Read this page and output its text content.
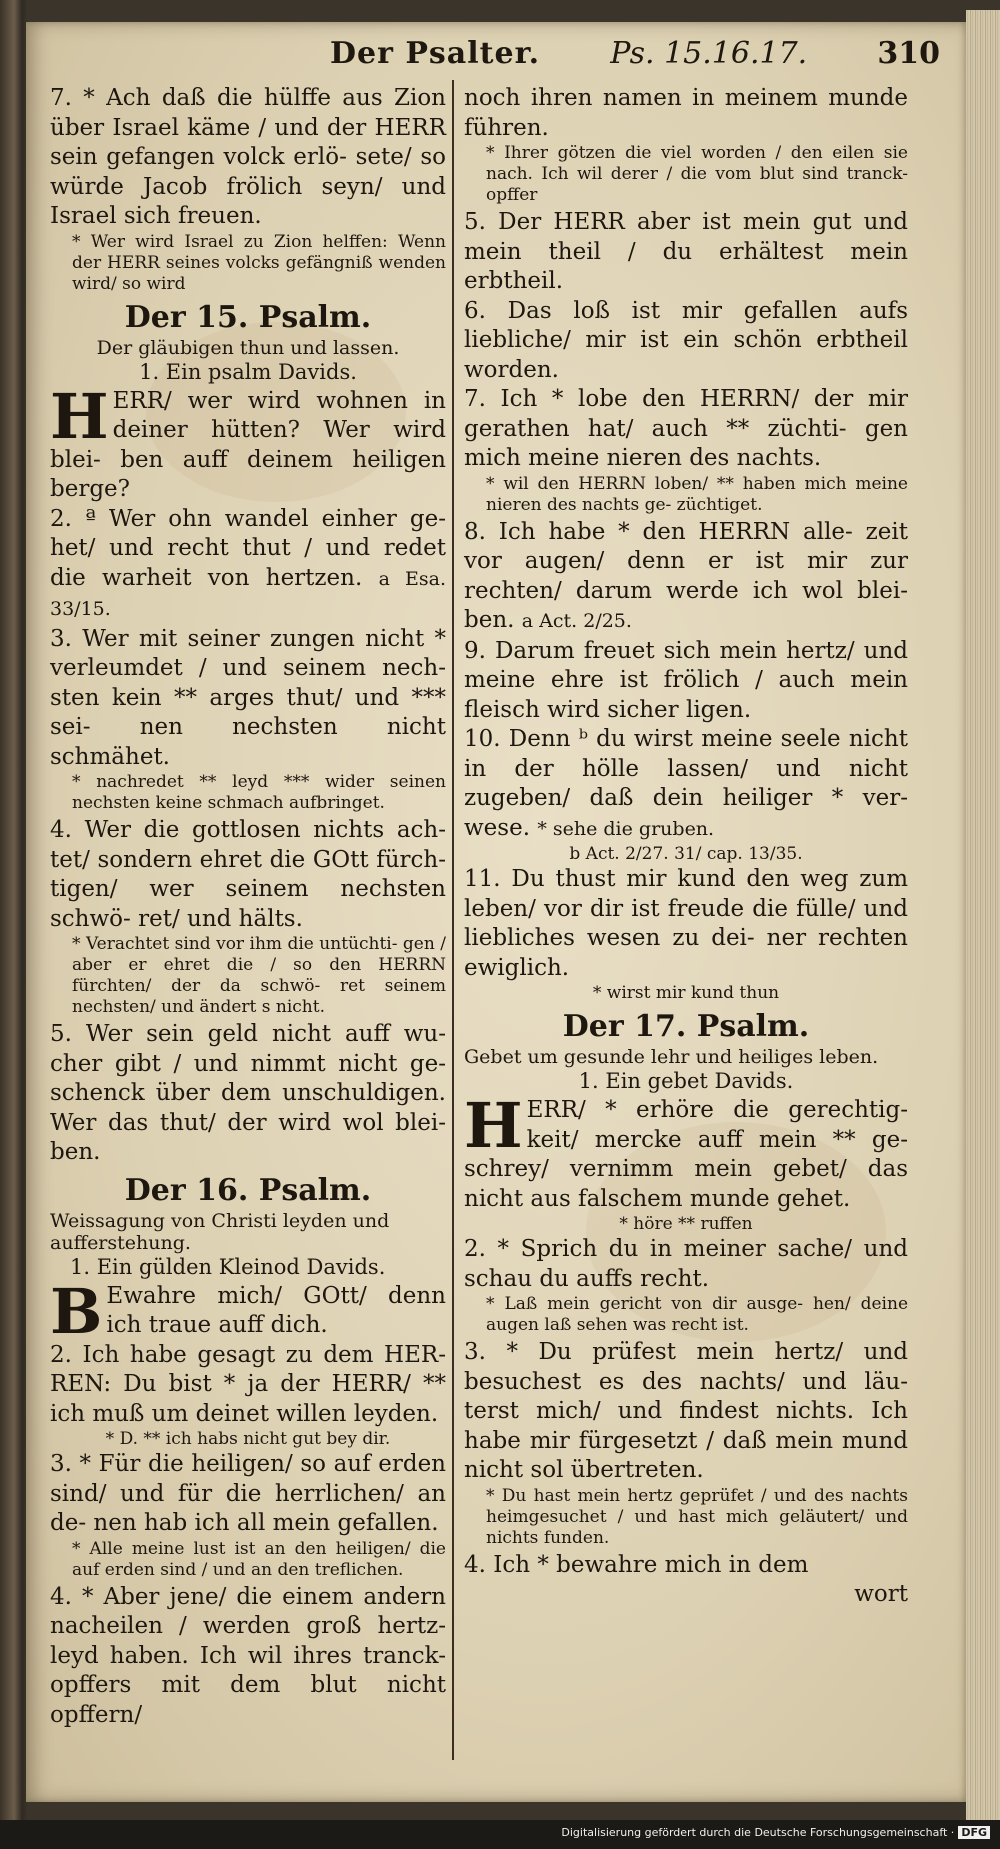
Der Psalter. Ps. 15.16.17. 310
7. * Ach daß die hülffe aus Zion über Israel käme / und der HERR sein gefangen volck erlö- sete/ so würde Jacob frölich seyn/ und Israel sich freuen.
* Wer wird Israel zu Zion helffen: Wenn der HERR seines volcks gefängniß wenden wird/ so wird
Der 15. Psalm.
Der gläubigen thun und lassen.
1. Ein psalm Davids.
HERR/ wer wird wohnen in deiner hütten? Wer wird blei- ben auff deinem heiligen berge?
2. ª Wer ohn wandel einher ge- het/ und recht thut / und redet die warheit von hertzen. a Esa. 33/15.
3. Wer mit seiner zungen nicht * verleumdet / und seinem nech- sten kein ** arges thut/ und *** sei- nen nechsten nicht schmähet.
* nachredet ** leyd *** wider seinen nechsten keine schmach aufbringet.
4. Wer die gottlosen nichts ach- tet/ sondern ehret die GOtt fürch- tigen/ wer seinem nechsten schwö- ret/ und hälts.
* Verachtet sind vor ihm die untüchti- gen / aber er ehret die / so den HERRN fürchten/ der da schwö- ret seinem nechsten/ und ändert s nicht.
5. Wer sein geld nicht auff wu- cher gibt / und nimmt nicht ge- schenck über dem unschuldigen. Wer das thut/ der wird wol blei- ben.
Der 16. Psalm.
Weissagung von Christi leyden und aufferstehung.
1. Ein gülden Kleinod Davids.
BEwahre mich/ GOtt/ denn ich traue auff dich.
2. Ich habe gesagt zu dem HER- REN: Du bist * ja der HERR/ ** ich muß um deinet willen leyden.
* D. ** ich habs nicht gut bey dir.
3. * Für die heiligen/ so auf erden sind/ und für die herrlichen/ an de- nen hab ich all mein gefallen.
* Alle meine lust ist an den heiligen/ die auf erden sind / und an den treflichen.
4. * Aber jene/ die einem andern nacheilen / werden groß hertz- leyd haben. Ich wil ihres tranck- opffers mit dem blut nicht opffern/
noch ihren namen in meinem munde führen.
* Ihrer götzen die viel worden / den eilen sie nach. Ich wil derer / die vom blut sind tranck-opffer
5. Der HERR aber ist mein gut und mein theil / du erhältest mein erbtheil.
6. Das loß ist mir gefallen aufs liebliche/ mir ist ein schön erbtheil worden.
7. Ich * lobe den HERRN/ der mir gerathen hat/ auch ** züchti- gen mich meine nieren des nachts.
* wil den HERRN loben/ ** haben mich meine nieren des nachts ge- züchtiget.
8. Ich habe * den HERRN alle- zeit vor augen/ denn er ist mir zur rechten/ darum werde ich wol blei- ben. a Act. 2/25.
9. Darum freuet sich mein hertz/ und meine ehre ist frölich / auch mein fleisch wird sicher ligen.
10. Denn ᵇ du wirst meine seele nicht in der hölle lassen/ und nicht zugeben/ daß dein heiliger * ver- wese. * sehe die gruben.
b Act. 2/27. 31/ cap. 13/35.
11. Du thust mir kund den weg zum leben/ vor dir ist freude die fülle/ und liebliches wesen zu dei- ner rechten ewiglich.
* wirst mir kund thun
Der 17. Psalm.
Gebet um gesunde lehr und heiliges leben.
1. Ein gebet Davids.
HERR/ * erhöre die gerechtig- keit/ mercke auff mein ** ge- schrey/ vernimm mein gebet/ das nicht aus falschem munde gehet.
* höre ** ruffen
2. * Sprich du in meiner sache/ und schau du auffs recht.
* Laß mein gericht von dir ausge- hen/ deine augen laß sehen was recht ist.
3. * Du prüfest mein hertz/ und besuchest es des nachts/ und läu- terst mich/ und findest nichts. Ich habe mir fürgesetzt / daß mein mund nicht sol übertreten.
* Du hast mein hertz geprüfet / und des nachts heimgesuchet / und hast mich geläutert/ und nichts funden.
4. Ich * bewahre mich in dem
wort
Digitalisierung gefördert durch die Deutsche Forschungsgemeinschaft · DFG
